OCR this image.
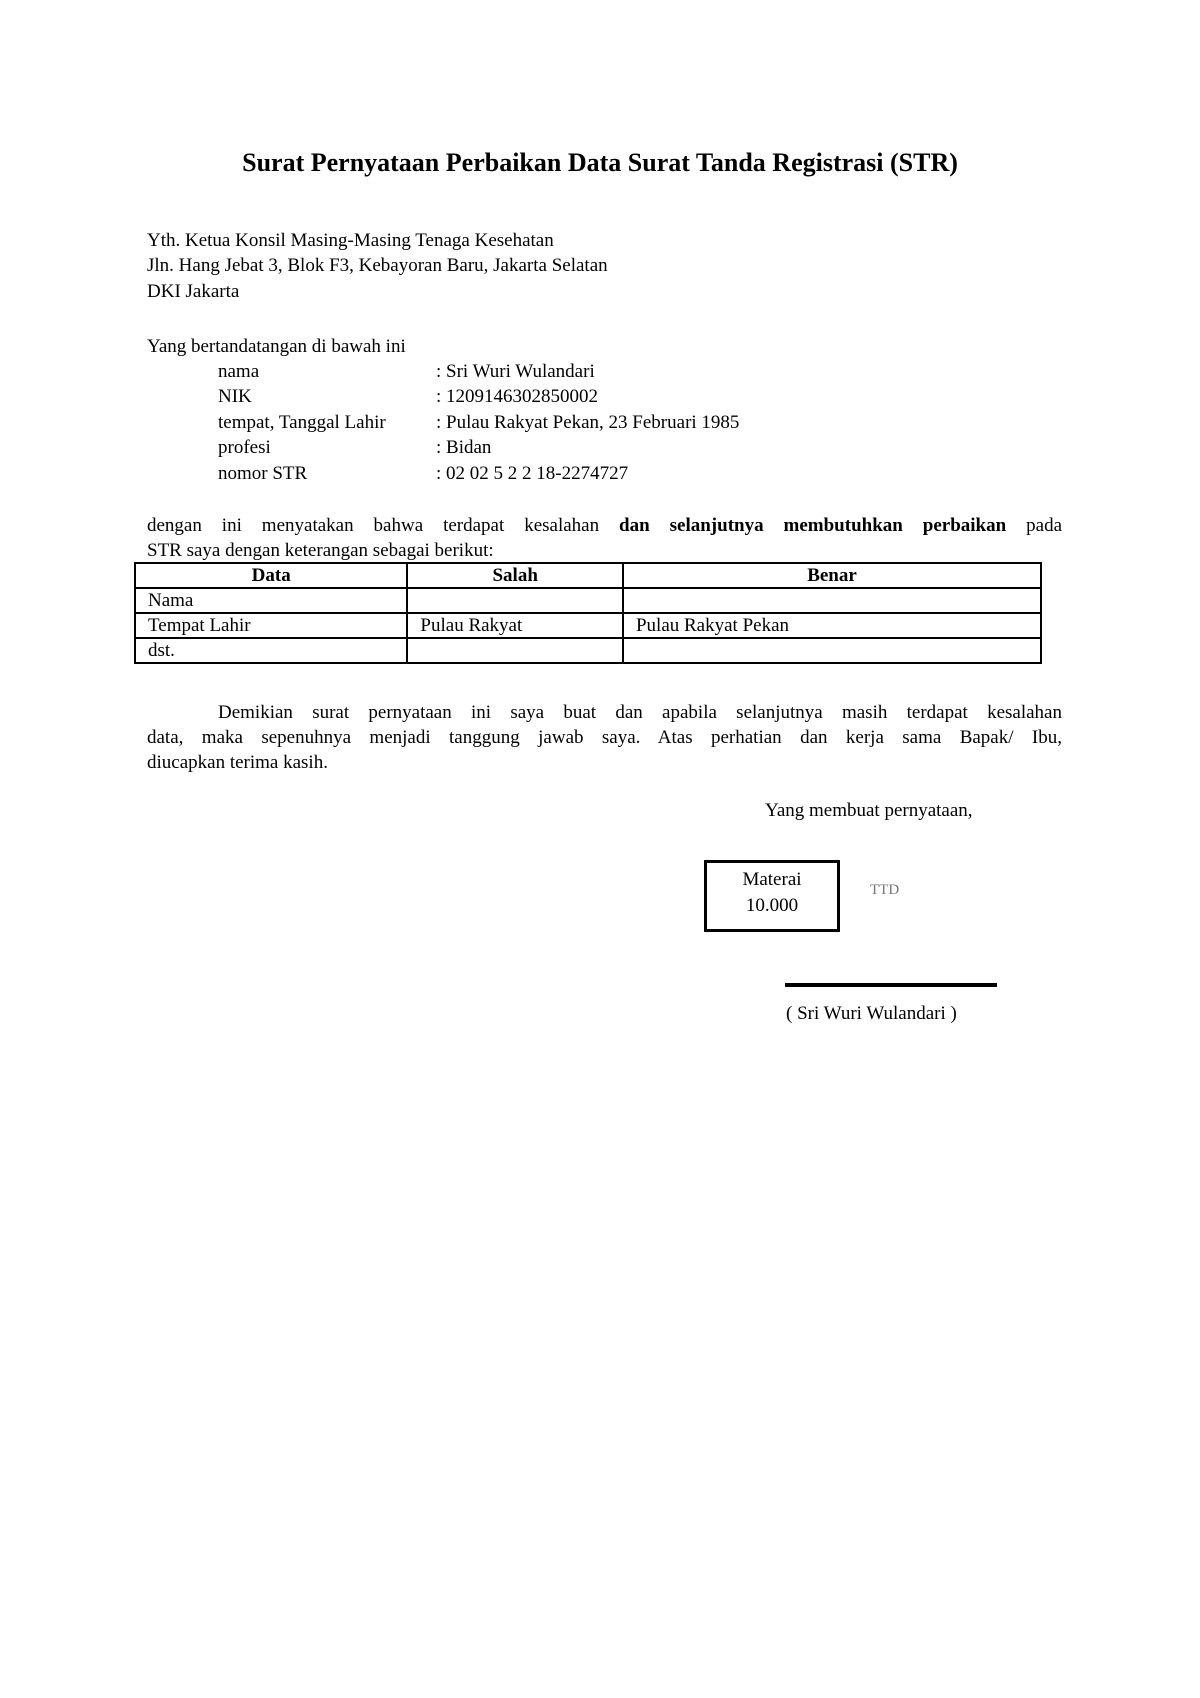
Surat Pernyataan Perbaikan Data Surat Tanda Registrasi (STR)
Yth. Ketua Konsil Masing-Masing Tenaga Kesehatan
Jln. Hang Jebat 3, Blok F3, Kebayoran Baru, Jakarta Selatan
DKI Jakarta
Yang bertandatangan di bawah ini
nama	: Sri Wuri Wulandari
NIK	: 1209146302850002
tempat, Tanggal Lahir	: Pulau Rakyat Pekan, 23 Februari 1985
profesi	: Bidan
nomor STR	: 02 02 5 2 2 18-2274727
dengan ini menyatakan bahwa terdapat kesalahan dan selanjutnya membutuhkan perbaikan pada
STR saya dengan keterangan sebagai berikut:
Data	Salah	Benar
Nama		
Tempat Lahir	Pulau Rakyat	Pulau Rakyat Pekan
dst.		
Demikian surat pernyataan ini saya buat dan apabila selanjutnya masih terdapat kesalahan
data, maka sepenuhnya menjadi tanggung jawab saya. Atas perhatian dan kerja sama Bapak/ Ibu,
diucapkan terima kasih.
Yang membuat pernyataan,
Materai
10.000
TTD
( Sri Wuri Wulandari )
